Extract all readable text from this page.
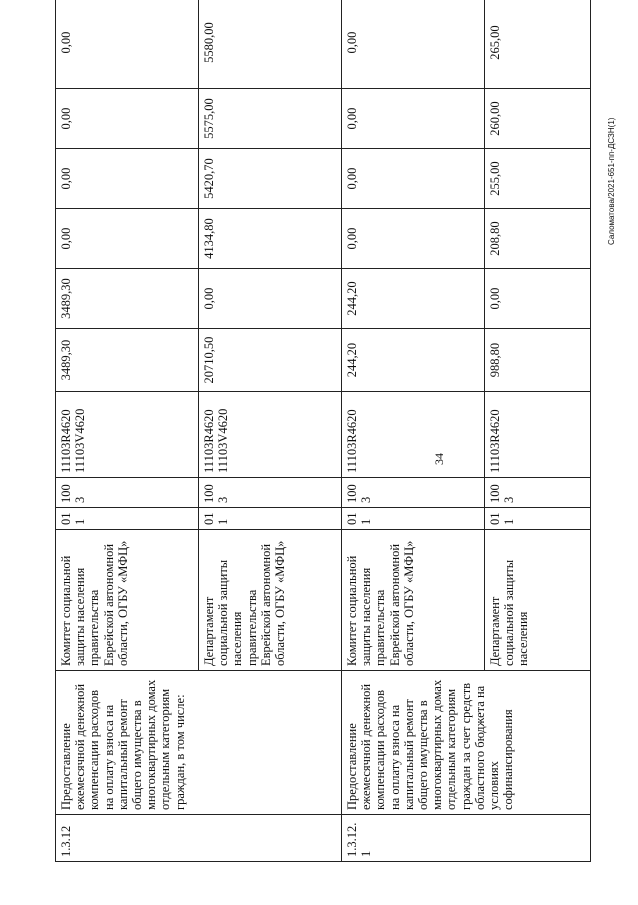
34
1.3.12	Предоставление ежемесячной денежной компенсации расходов на оплату взноса на капитальный ремонт общего имущества в многоквартирных домах отдельным категориям граждан, в том числе:	Комитет социальной защиты населения правительства Еврейской автономной области, ОГБУ «МФЦ»	011	1003	11103R4620 11103V4620	3489,30	3489,30	0,00	0,00	0,00	0,00
		Департамент социальной защиты населения правительства Еврейской автономной области, ОГБУ «МФЦ»	011	1003	11103R4620 11103V4620	20710,50	0,00	4134,80	5420,70	5575,00	5580,00
1.3.12.1	Предоставление ежемесячной денежной компенсации расходов на оплату взноса на капитальный ремонт общего имущества в многоквартирных домах отдельным категориям граждан за счет средств областного бюджета на условиях софинансирования	Комитет социальной защиты населения правительства Еврейской автономной области, ОГБУ «МФЦ»	011	1003	11103R4620	244,20	244,20	0,00	0,00	0,00	0,00
		Департамент социальной защиты населения	011	1003	11103R4620	988,80	0,00	208,80	255,00	260,00	265,00
Саломатова/2021-651-пп-ДСЗН(1)
